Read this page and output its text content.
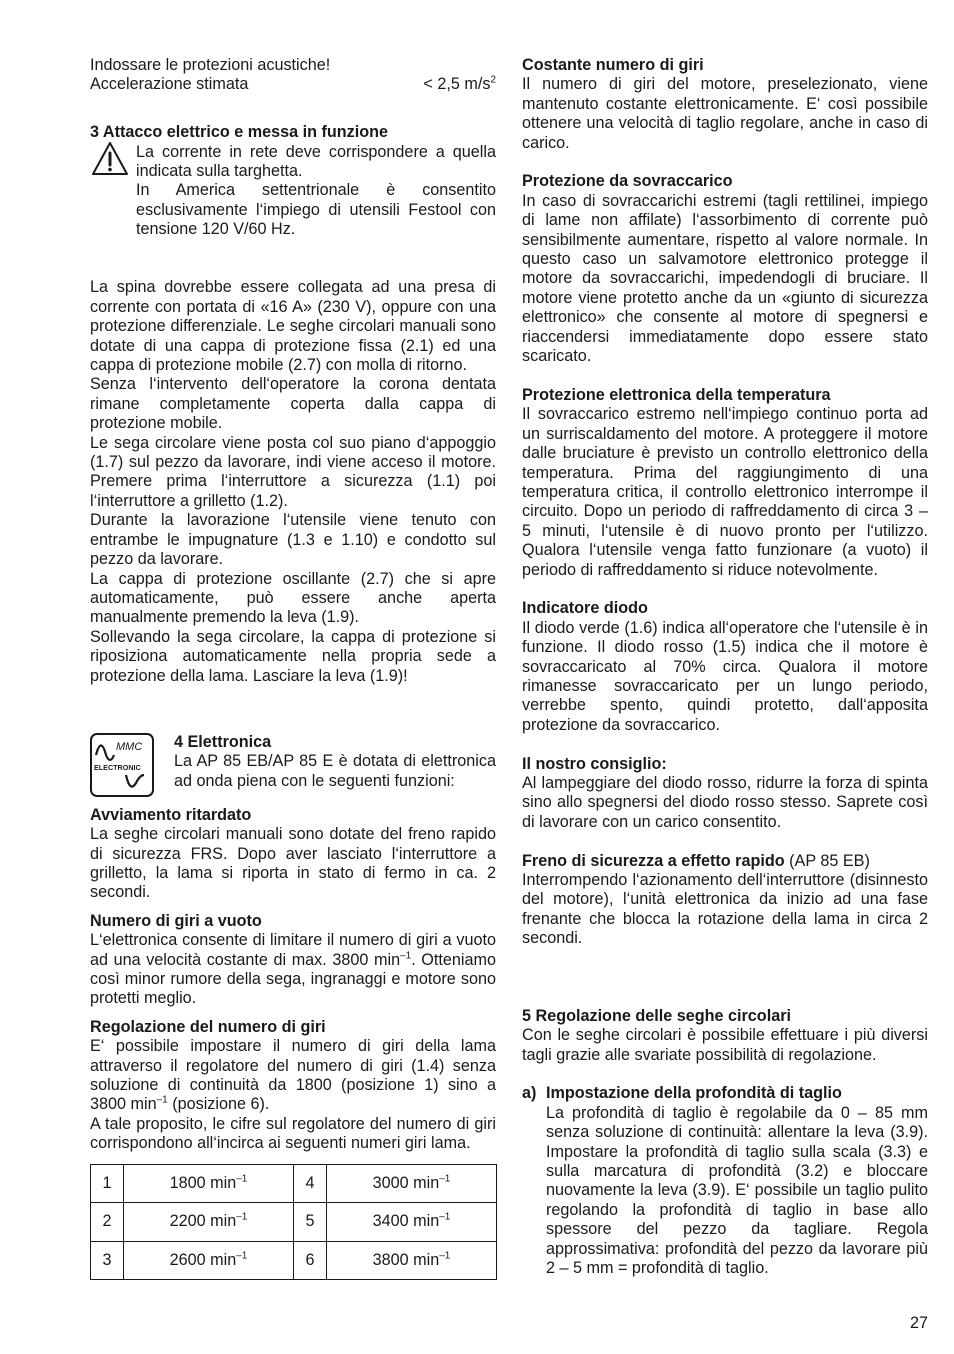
Indossare le protezioni acustiche!

Accelerazione stimata	< 2,5 $m/s^2$

3 Attacco elettrico e messa in funzione

La corrente in rete deve corrispondere a quella indicata sulla targhetta.

In America settentrionale è consentito esclusivamente l‘impiego di utensili Festool con tensione 120 V/60 Hz.

La spina dovrebbe essere collegata ad una presa di corrente con portata di «16 A» (230 V), oppure con una protezione differenziale. Le seghe circolari manuali sono dotate di una cappa di protezione fissa (2.1) ed una cappa di protezione mobile (2.7) con molla di ritorno.

Senza l‘intervento dell‘operatore la corona dentata rimane completamente coperta dalla cappa di protezione mobile.

Le sega circolare viene posta col suo piano d‘appoggio (1.7) sul pezzo da lavorare, indi viene acceso il motore. Premere prima l‘interruttore a sicurezza (1.1) poi l‘interruttore a grilletto (1.2).

Durante la lavorazione l‘utensile viene tenuto con entrambe le impugnature (1.3 e 1.10) e condotto sul pezzo da lavorare.

La cappa di protezione oscillante (2.7) che si apre automaticamente, può essere anche aperta manualmente premendo la leva (1.9).

Sollevando la sega circolare, la cappa di protezione si riposiziona automaticamente nella propria sede a protezione della lama. Lasciare la leva (1.9)!

MMC
ELECTRONIC

4 Elettronica

La AP 85 EB/AP 85 E è dotata di elettronica ad onda piena con le seguenti funzioni:

Avviamento ritardato

La seghe circolari manuali sono dotate del freno rapido di sicurezza FRS. Dopo aver lasciato l‘interruttore a grilletto, la lama si riporta in stato di fermo in ca. 2 secondi.

Numero di giri a vuoto

L‘elettronica consente di limitare il numero di giri a vuoto ad una velocità costante di max. 3800 $\min^{-1}$. Otteniamo così minor rumore della sega, ingranaggi e motore sono protetti meglio.

Regolazione del numero di giri

E‘ possibile impostare il numero di giri della lama attraverso il regolatore del numero di giri (1.4) senza soluzione di continuità da 1800 (posizione 1) sino a 3800 $\min^{-1}$ (posizione 6).

A tale proposito, le cifre sul regolatore del numero di giri corrispondono all‘incirca ai seguenti numeri giri lama.

1	1800 $\min^{-1}$	4	3000 $\min^{-1}$
2	2200 $\min^{-1}$	5	3400 $\min^{-1}$
3	2600 $\min^{-1}$	6	3800 $\min^{-1}$

Costante numero di giri

Il numero di giri del motore, preselezionato, viene mantenuto costante elettronicamente. E‘ così possibile ottenere una velocità di taglio regolare, anche in caso di carico.

Protezione da sovraccarico

In caso di sovraccarichi estremi (tagli rettilinei, impiego di lame non affilate) l‘assorbimento di corrente può sensibilmente aumentare, rispetto al valore normale. In questo caso un salvamotore elettronico protegge il motore da sovraccarichi, impedendogli di bruciare. Il motore viene protetto anche da un «giunto di sicurezza elettronico» che consente al motore di spegnersi e riaccendersi immediatamente dopo essere stato scaricato.

Protezione elettronica della temperatura

Il sovraccarico estremo nell‘impiego continuo porta ad un surriscaldamento del motore. A proteggere il motore dalle bruciature è previsto un controllo elettronico della temperatura. Prima del raggiungimento di una temperatura critica, il controllo elettronico interrompe il circuito. Dopo un periodo di raffreddamento di circa 3 – 5 minuti, l‘utensile è di nuovo pronto per l‘utilizzo. Qualora l‘utensile venga fatto funzionare (a vuoto) il periodo di raffreddamento si riduce notevolmente.

Indicatore diodo

Il diodo verde (1.6) indica all‘operatore che l‘utensile è in funzione. Il diodo rosso (1.5) indica che il motore è sovraccaricato al 70% circa. Qualora il motore rimanesse sovraccaricato per un lungo periodo, verrebbe spento, quindi protetto, dall‘apposita protezione da sovraccarico.

Il nostro consiglio:

Al lampeggiare del diodo rosso, ridurre la forza di spinta sino allo spegnersi del diodo rosso stesso. Saprete così di lavorare con un carico consentito.

Freno di sicurezza a effetto rapido (AP 85 EB)

Interrompendo l‘azionamento dell‘interruttore (disinnesto del motore), l‘unità elettronica da inizio ad una fase frenante che blocca la rotazione della lama in circa 2 secondi.

5 Regolazione delle seghe circolari

Con le seghe circolari è possibile effettuare i più diversi tagli grazie alle svariate possibilità di regolazione.

a) Impostazione della profondità di taglio

La profondità di taglio è regolabile da 0 – 85 mm senza soluzione di continuità: allentare la leva (3.9). Impostare la profondità di taglio sulla scala (3.3) e sulla marcatura di profondità (3.2) e bloccare nuovamente la leva (3.9). E‘ possibile un taglio pulito regolando la profondità di taglio in base allo spessore del pezzo da tagliare. Regola approssimativa: profondità del pezzo da lavorare più 2 – 5 mm = profondità di taglio.

27
